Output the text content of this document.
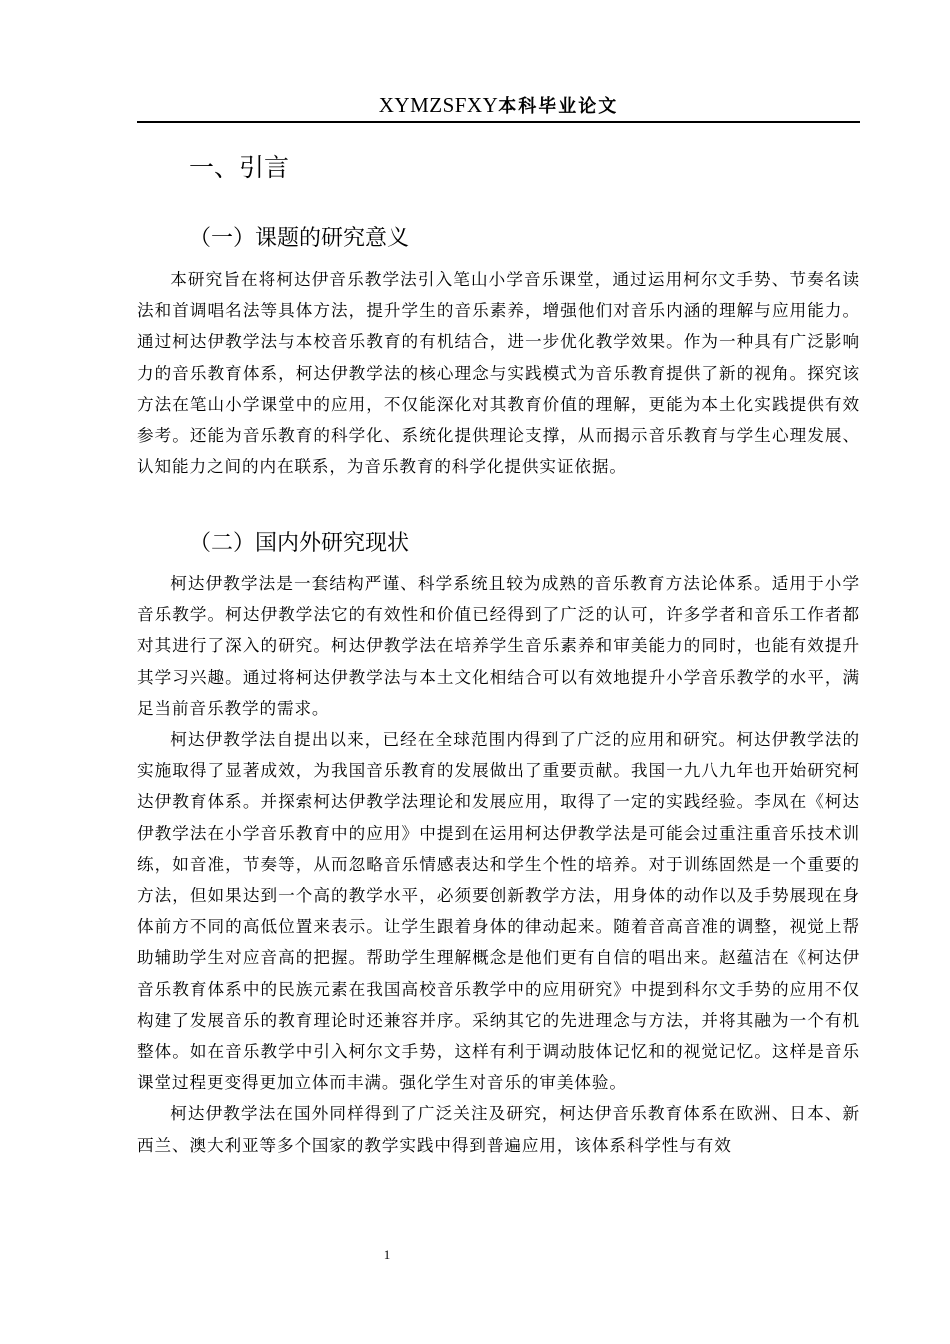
XYMZSFXY本科毕业论文
一、引言
（一）课题的研究意义

本研究旨在将柯达伊音乐教学法引入笔山小学音乐课堂，通过运用柯尔文手势、节奏名读法和首调唱名法等具体方法，提升学生的音乐素养，增强他们对音乐内涵的理解与应用能力。通过柯达伊教学法与本校音乐教育的有机结合，进一步优化教学效果。作为一种具有广泛影响力的音乐教育体系，柯达伊教学法的核心理念与实践模式为音乐教育提供了新的视角。探究该方法在笔山小学课堂中的应用，不仅能深化对其教育价值的理解，更能为本土化实践提供有效参考。还能为音乐教育的科学化、系统化提供理论支撑，从而揭示音乐教育与学生心理发展、认知能力之间的内在联系，为音乐教育的科学化提供实证依据。

（二）国内外研究现状

柯达伊教学法是一套结构严谨、科学系统且较为成熟的音乐教育方法论体系。适用于小学音乐教学。柯达伊教学法它的有效性和价值已经得到了广泛的认可，许多学者和音乐工作者都对其进行了深入的研究。柯达伊教学法在培养学生音乐素养和审美能力的同时，也能有效提升其学习兴趣。通过将柯达伊教学法与本土文化相结合可以有效地提升小学音乐教学的水平，满足当前音乐教学的需求。

柯达伊教学法自提出以来，已经在全球范围内得到了广泛的应用和研究。柯达伊教学法的实施取得了显著成效，为我国音乐教育的发展做出了重要贡献。我国一九八九年也开始研究柯达伊教育体系。并探索柯达伊教学法理论和发展应用，取得了一定的实践经验。李凤在《柯达伊教学法在小学音乐教育中的应用》中提到在运用柯达伊教学法是可能会过重注重音乐技术训练，如音准，节奏等，从而忽略音乐情感表达和学生个性的培养。对于训练固然是一个重要的方法，但如果达到一个高的教学水平，必须要创新教学方法，用身体的动作以及手势展现在身体前方不同的高低位置来表示。让学生跟着身体的律动起来。随着音高音准的调整，视觉上帮助辅助学生对应音高的把握。帮助学生理解概念是他们更有自信的唱出来。赵蕴洁在《柯达伊音乐教育体系中的民族元素在我国高校音乐教学中的应用研究》中提到科尔文手势的应用不仅构建了发展音乐的教育理论时还兼容并序。采纳其它的先进理念与方法，并将其融为一个有机整体。如在音乐教学中引入柯尔文手势，这样有利于调动肢体记忆和的视觉记忆。这样是音乐课堂过程更变得更加立体而丰满。强化学生对音乐的审美体验。

柯达伊教学法在国外同样得到了广泛关注及研究，柯达伊音乐教育体系在欧洲、日本、新西兰、澳大利亚等多个国家的教学实践中得到普遍应用，该体系科学性与有效

1
